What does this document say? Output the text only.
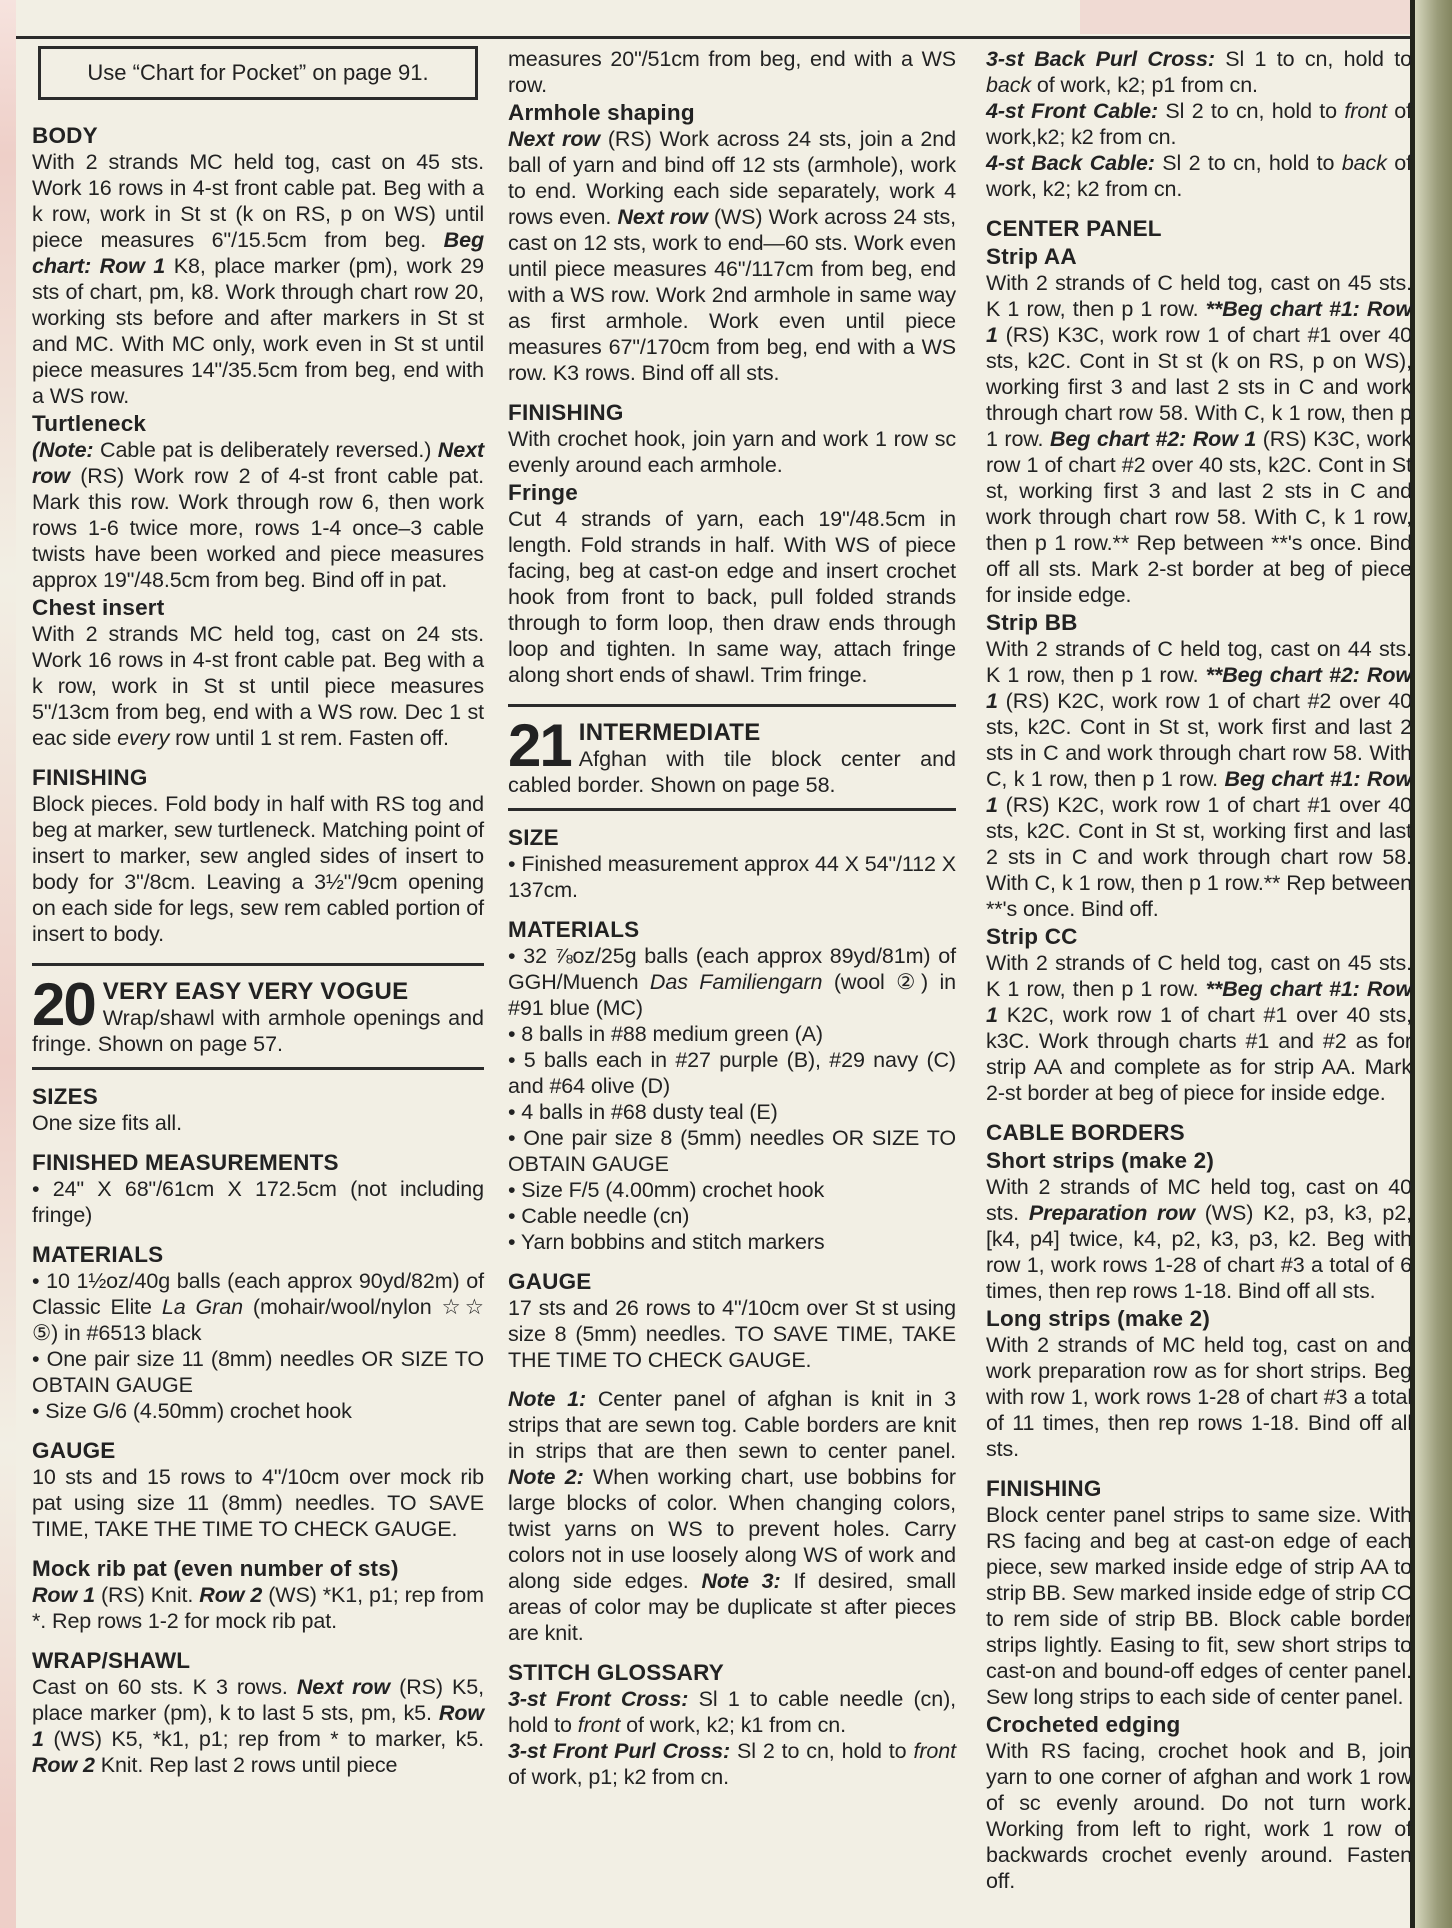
Use “Chart for Pocket” on page 91.
BODY
With 2 strands MC held tog, cast on 45 sts. Work 16 rows in 4-st front cable pat. Beg with a k row, work in St st (k on RS, p on WS) until piece measures 6"/15.5cm from beg. Beg chart: Row 1 K8, place marker (pm), work 29 sts of chart, pm, k8. Work through chart row 20, working sts before and after markers in St st and MC. With MC only, work even in St st until piece measures 14"/35.5cm from beg, end with a WS row.
Turtleneck
(Note: Cable pat is deliberately reversed.) Next row (RS) Work row 2 of 4-st front cable pat. Mark this row. Work through row 6, then work rows 1-6 twice more, rows 1-4 once–3 cable twists have been worked and piece measures approx 19"/48.5cm from beg. Bind off in pat.
Chest insert
With 2 strands MC held tog, cast on 24 sts. Work 16 rows in 4-st front cable pat. Beg with a k row, work in St st until piece measures 5"/13cm from beg, end with a WS row. Dec 1 st eac side every row until 1 st rem. Fasten off.
FINISHING
Block pieces. Fold body in half with RS tog and beg at marker, sew turtleneck. Matching point of insert to marker, sew angled sides of insert to body for 3"/8cm. Leaving a 3½"/9cm opening on each side for legs, sew rem cabled portion of insert to body.
20 VERY EASY VERY VOGUE
Wrap/shawl with armhole openings and fringe. Shown on page 57.
SIZES
One size fits all.
FINISHED MEASUREMENTS
• 24" X 68"/61cm X 172.5cm (not including fringe)
MATERIALS
• 10 1½oz/40g balls (each approx 90yd/82m) of Classic Elite La Gran (mohair/wool/nylon ☆☆ ⑤) in #6513 black
• One pair size 11 (8mm) needles OR SIZE TO OBTAIN GAUGE
• Size G/6 (4.50mm) crochet hook
GAUGE
10 sts and 15 rows to 4"/10cm over mock rib pat using size 11 (8mm) needles. TO SAVE TIME, TAKE THE TIME TO CHECK GAUGE.
Mock rib pat (even number of sts)
Row 1 (RS) Knit. Row 2 (WS) *K1, p1; rep from *. Rep rows 1-2 for mock rib pat.
WRAP/SHAWL
Cast on 60 sts. K 3 rows. Next row (RS) K5, place marker (pm), k to last 5 sts, pm, k5. Row 1 (WS) K5, *k1, p1; rep from * to marker, k5. Row 2 Knit. Rep last 2 rows until piece
measures 20"/51cm from beg, end with a WS row.
Armhole shaping
Next row (RS) Work across 24 sts, join a 2nd ball of yarn and bind off 12 sts (armhole), work to end. Working each side separately, work 4 rows even. Next row (WS) Work across 24 sts, cast on 12 sts, work to end—60 sts. Work even until piece measures 46"/117cm from beg, end with a WS row. Work 2nd armhole in same way as first armhole. Work even until piece measures 67"/170cm from beg, end with a WS row. K3 rows. Bind off all sts.
FINISHING
With crochet hook, join yarn and work 1 row sc evenly around each armhole.
Fringe
Cut 4 strands of yarn, each 19"/48.5cm in length. Fold strands in half. With WS of piece facing, beg at cast-on edge and insert crochet hook from front to back, pull folded strands through to form loop, then draw ends through loop and tighten. In same way, attach fringe along short ends of shawl. Trim fringe.
21 INTERMEDIATE
Afghan with tile block center and cabled border. Shown on page 58.
SIZE
• Finished measurement approx 44 X 54"/112 X 137cm.
MATERIALS
• 32 ⅞oz/25g balls (each approx 89yd/81m) of GGH/Muench Das Familiengarn (wool ②) in #91 blue (MC)
• 8 balls in #88 medium green (A)
• 5 balls each in #27 purple (B), #29 navy (C) and #64 olive (D)
• 4 balls in #68 dusty teal (E)
• One pair size 8 (5mm) needles OR SIZE TO OBTAIN GAUGE
• Size F/5 (4.00mm) crochet hook
• Cable needle (cn)
• Yarn bobbins and stitch markers
GAUGE
17 sts and 26 rows to 4"/10cm over St st using size 8 (5mm) needles. TO SAVE TIME, TAKE THE TIME TO CHECK GAUGE.
Note 1: Center panel of afghan is knit in 3 strips that are sewn tog. Cable borders are knit in strips that are then sewn to center panel. Note 2: When working chart, use bobbins for large blocks of color. When changing colors, twist yarns on WS to prevent holes. Carry colors not in use loosely along WS of work and along side edges. Note 3: If desired, small areas of color may be duplicate st after pieces are knit.
STITCH GLOSSARY
3-st Front Cross: Sl 1 to cable needle (cn), hold to front of work, k2; k1 from cn.
3-st Front Purl Cross: Sl 2 to cn, hold to front of work, p1; k2 from cn.
3-st Back Purl Cross: Sl 1 to cn, hold to back of work, k2; p1 from cn.
4-st Front Cable: Sl 2 to cn, hold to front of work,k2; k2 from cn.
4-st Back Cable: Sl 2 to cn, hold to back of work, k2; k2 from cn.
CENTER PANEL
Strip AA
With 2 strands of C held tog, cast on 45 sts. K 1 row, then p 1 row. **Beg chart #1: Row 1 (RS) K3C, work row 1 of chart #1 over 40 sts, k2C. Cont in St st (k on RS, p on WS), working first 3 and last 2 sts in C and work through chart row 58. With C, k 1 row, then p 1 row. Beg chart #2: Row 1 (RS) K3C, work row 1 of chart #2 over 40 sts, k2C. Cont in St st, working first 3 and last 2 sts in C and work through chart row 58. With C, k 1 row, then p 1 row.** Rep between **'s once. Bind off all sts. Mark 2-st border at beg of piece for inside edge.
Strip BB
With 2 strands of C held tog, cast on 44 sts. K 1 row, then p 1 row. **Beg chart #2: Row 1 (RS) K2C, work row 1 of chart #2 over 40 sts, k2C. Cont in St st, work first and last 2 sts in C and work through chart row 58. With C, k 1 row, then p 1 row. Beg chart #1: Row 1 (RS) K2C, work row 1 of chart #1 over 40 sts, k2C. Cont in St st, working first and last 2 sts in C and work through chart row 58. With C, k 1 row, then p 1 row.** Rep between **'s once. Bind off.
Strip CC
With 2 strands of C held tog, cast on 45 sts. K 1 row, then p 1 row. **Beg chart #1: Row 1 K2C, work row 1 of chart #1 over 40 sts, k3C. Work through charts #1 and #2 as for strip AA and complete as for strip AA. Mark 2-st border at beg of piece for inside edge.
CABLE BORDERS
Short strips (make 2)
With 2 strands of MC held tog, cast on 40 sts. Preparation row (WS) K2, p3, k3, p2, [k4, p4] twice, k4, p2, k3, p3, k2. Beg with row 1, work rows 1-28 of chart #3 a total of 6 times, then rep rows 1-18. Bind off all sts.
Long strips (make 2)
With 2 strands of MC held tog, cast on and work preparation row as for short strips. Beg with row 1, work rows 1-28 of chart #3 a total of 11 times, then rep rows 1-18. Bind off all sts.
FINISHING
Block center panel strips to same size. With RS facing and beg at cast-on edge of each piece, sew marked inside edge of strip AA to strip BB. Sew marked inside edge of strip CC to rem side of strip BB. Block cable border strips lightly. Easing to fit, sew short strips to cast-on and bound-off edges of center panel. Sew long strips to each side of center panel.
Crocheted edging
With RS facing, crochet hook and B, join yarn to one corner of afghan and work 1 row of sc evenly around. Do not turn work. Working from left to right, work 1 row of backwards crochet evenly around. Fasten off.
